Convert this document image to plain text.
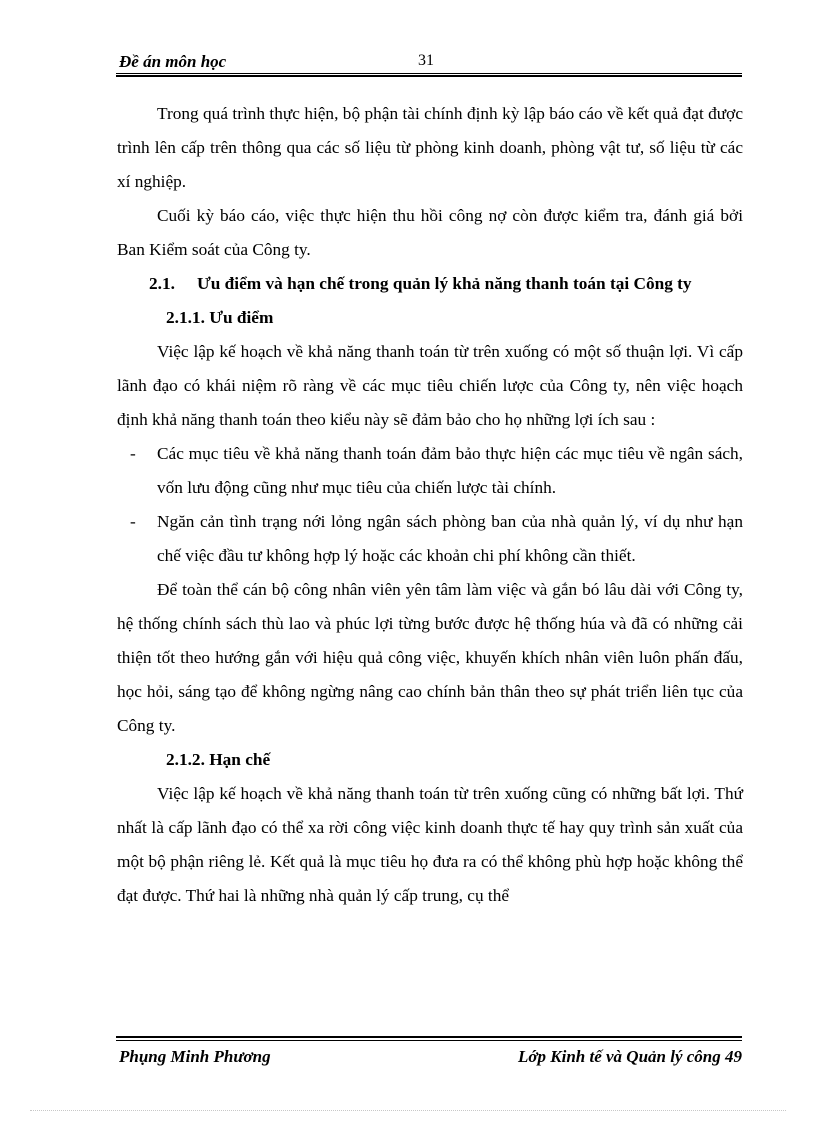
Đề án môn học	31

Trong quá trình thực hiện, bộ phận tài chính định kỳ lập báo cáo về kết quả đạt được trình lên cấp trên thông qua các số liệu từ phòng kinh doanh, phòng vật tư, số liệu từ các xí nghiệp.

Cuối kỳ báo cáo, việc thực hiện thu hồi công nợ còn được kiểm tra, đánh giá bởi Ban Kiểm soát của Công ty.

2.1. Ưu điểm và hạn chế trong quản lý khả năng thanh toán tại Công ty

2.1.1. Ưu điểm

Việc lập kế hoạch về khả năng thanh toán từ trên xuống có một số thuận lợi. Vì cấp lãnh đạo có khái niệm rõ ràng về các mục tiêu chiến lược của Công ty, nên việc hoạch định khả năng thanh toán theo kiểu này sẽ đảm bảo cho họ những lợi ích sau :

- Các mục tiêu về khả năng thanh toán đảm bảo thực hiện các mục tiêu về ngân sách, vốn lưu động cũng như mục tiêu của chiến lược tài chính.

- Ngăn cản tình trạng nới lỏng ngân sách phòng ban của nhà quản lý, ví dụ như hạn chế việc đầu tư không hợp lý hoặc các khoản chi phí không cần thiết.

Để toàn thể cán bộ công nhân viên yên tâm làm việc và gắn bó lâu dài với Công ty, hệ thống chính sách thù lao và phúc lợi từng bước được hệ thống húa và đã có những cải thiện tốt theo hướng gắn với hiệu quả công việc, khuyến khích nhân viên luôn phấn đấu, học hỏi, sáng tạo để không ngừng nâng cao chính bản thân theo sự phát triển liên tục của Công ty.

2.1.2. Hạn chế

Việc lập kế hoạch về khả năng thanh toán từ trên xuống cũng có những bất lợi. Thứ nhất là cấp lãnh đạo có thể xa rời công việc kinh doanh thực tế hay quy trình sản xuất của một bộ phận riêng lẻ. Kết quả là mục tiêu họ đưa ra có thể không phù hợp hoặc không thể đạt được. Thứ hai là những nhà quản lý cấp trung, cụ thể

Phụng Minh Phương	Lớp Kinh tế và Quản lý công 49
